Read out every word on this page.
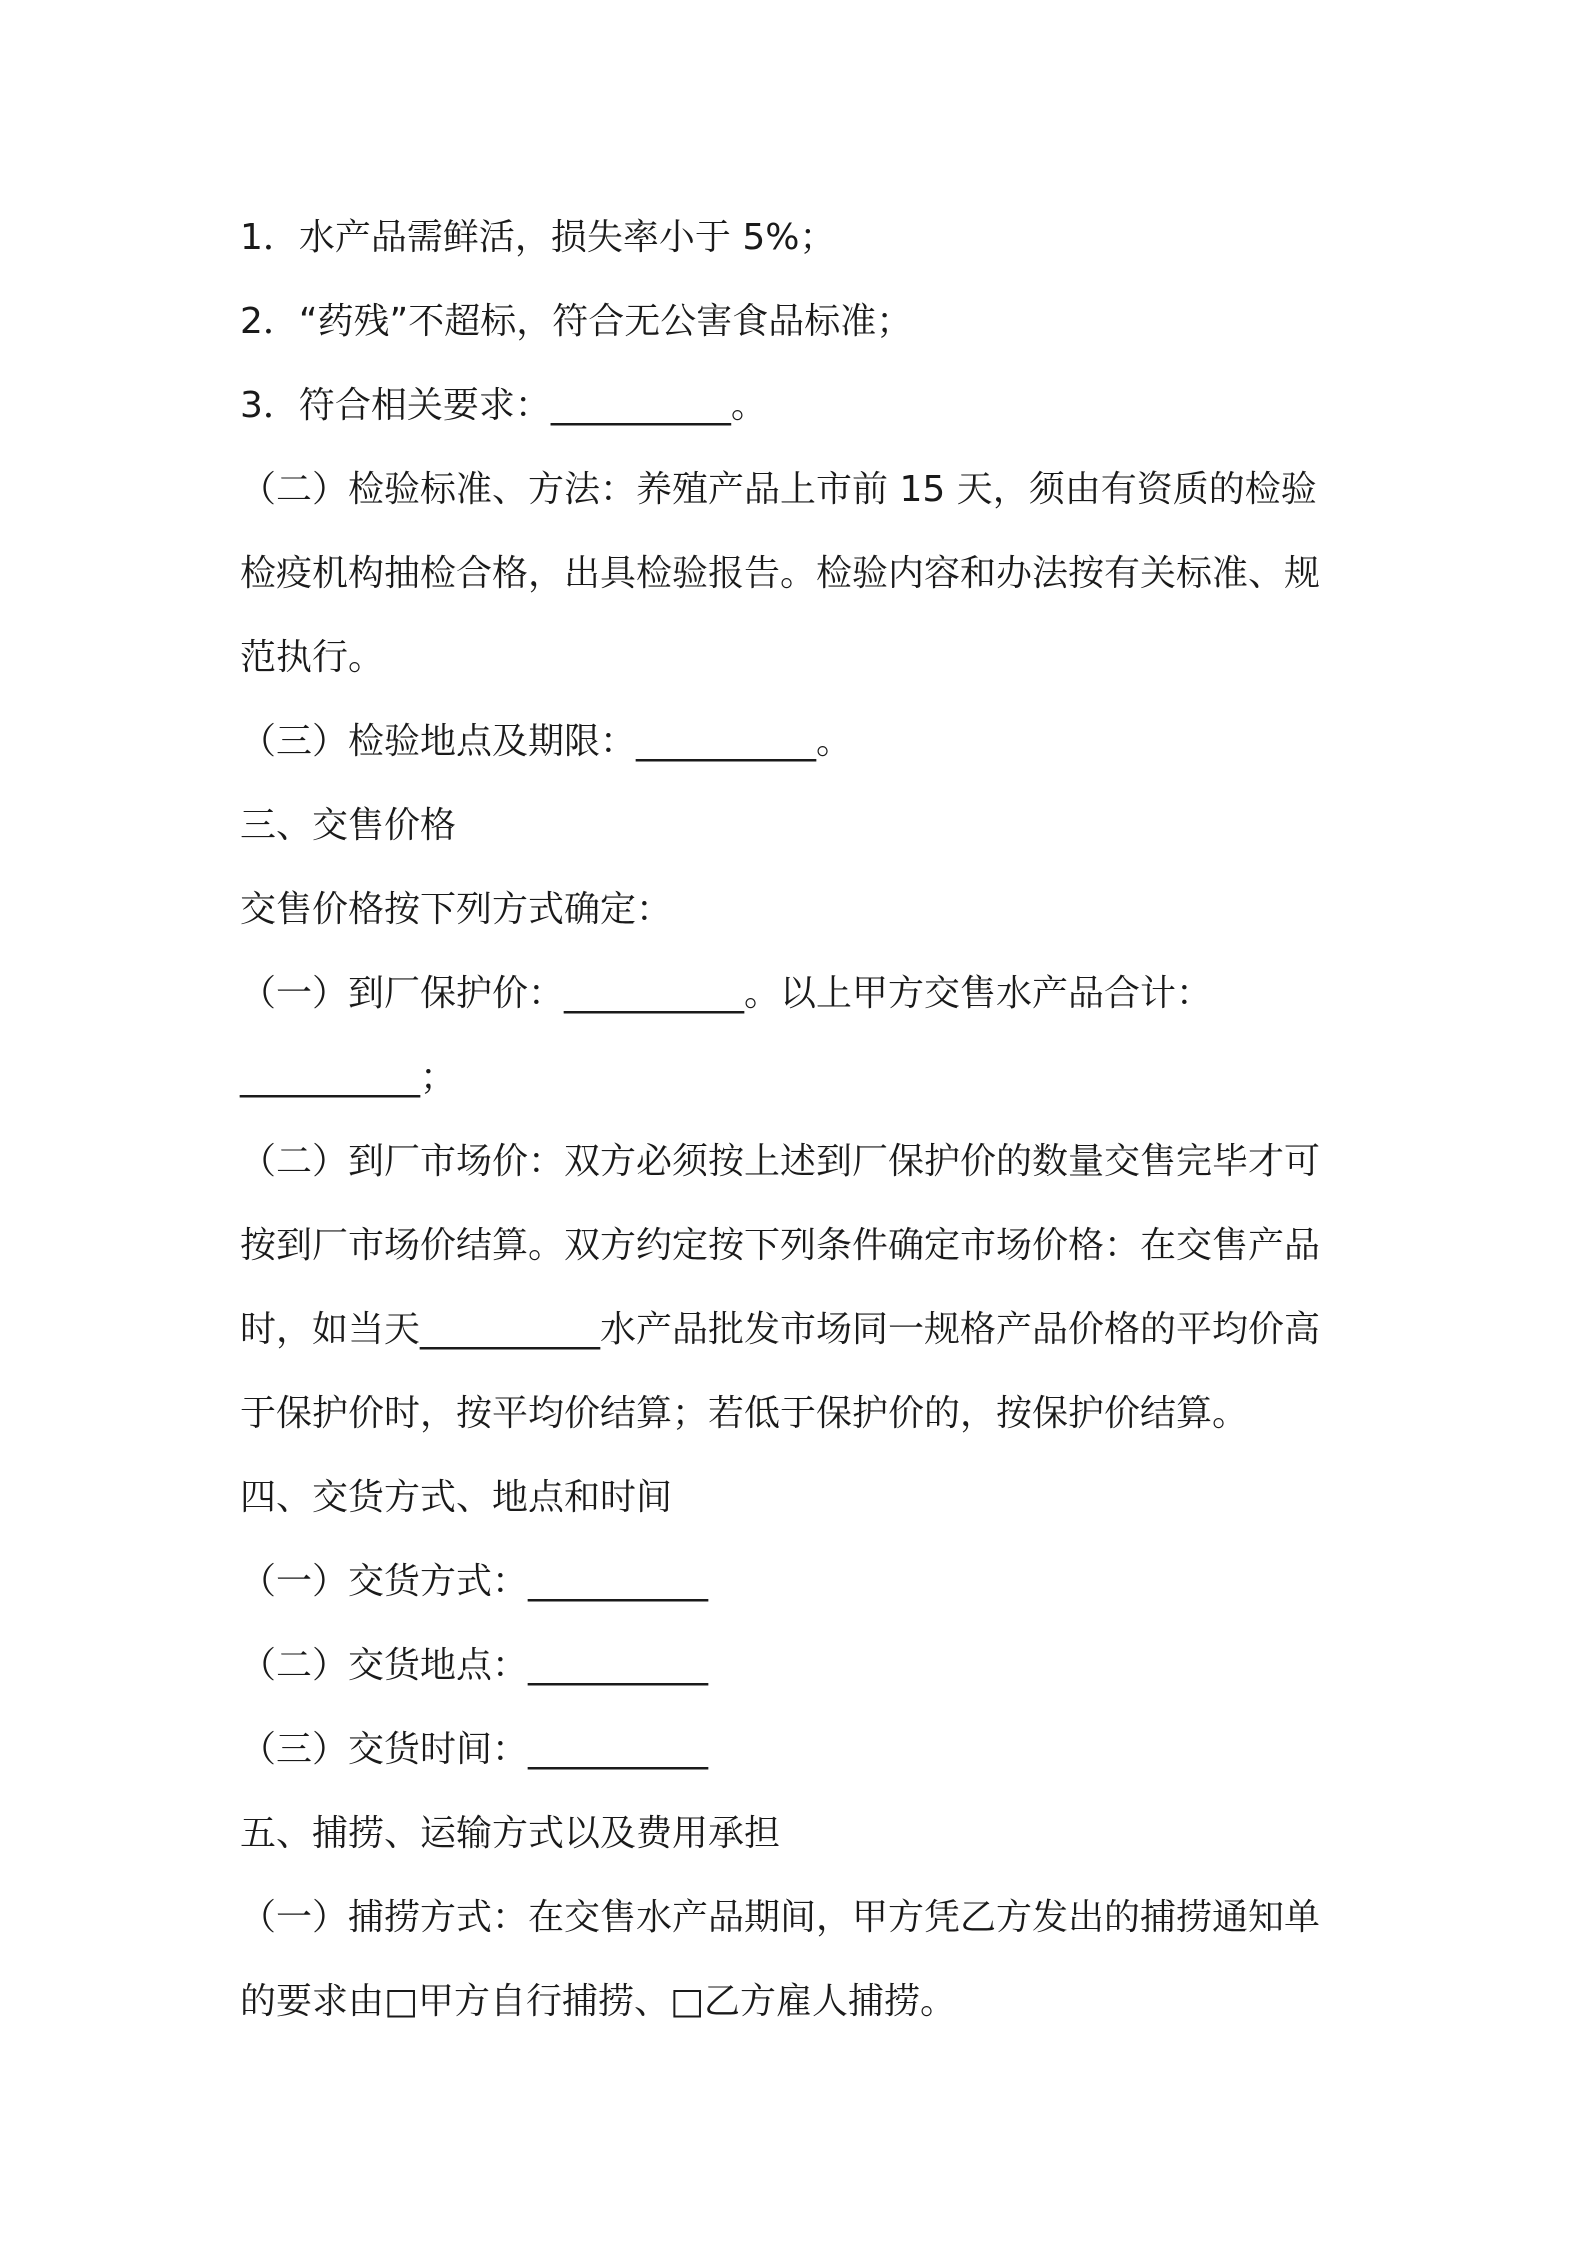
1．水产品需鲜活，损失率小于 5%；
2．“药残”不超标，符合无公害食品标准；
3．符合相关要求：__________。
（二）检验标准、方法：养殖产品上市前 15 天，须由有资质的检验
检疫机构抽检合格，出具检验报告。检验内容和办法按有关标准、规
范执行。
（三）检验地点及期限：__________。
三、交售价格
交售价格按下列方式确定：
（一）到厂保护价：__________。以上甲方交售水产品合计：
__________；
（二）到厂市场价：双方必须按上述到厂保护价的数量交售完毕才可
按到厂市场价结算。双方约定按下列条件确定市场价格：在交售产品
时，如当天__________水产品批发市场同一规格产品价格的平均价高
于保护价时，按平均价结算；若低于保护价的，按保护价结算。
四、交货方式、地点和时间
（一）交货方式：__________
（二）交货地点：__________
（三）交货时间：__________
五、捕捞、运输方式以及费用承担
（一）捕捞方式：在交售水产品期间，甲方凭乙方发出的捕捞通知单
的要求由□甲方自行捕捞、□乙方雇人捕捞。
